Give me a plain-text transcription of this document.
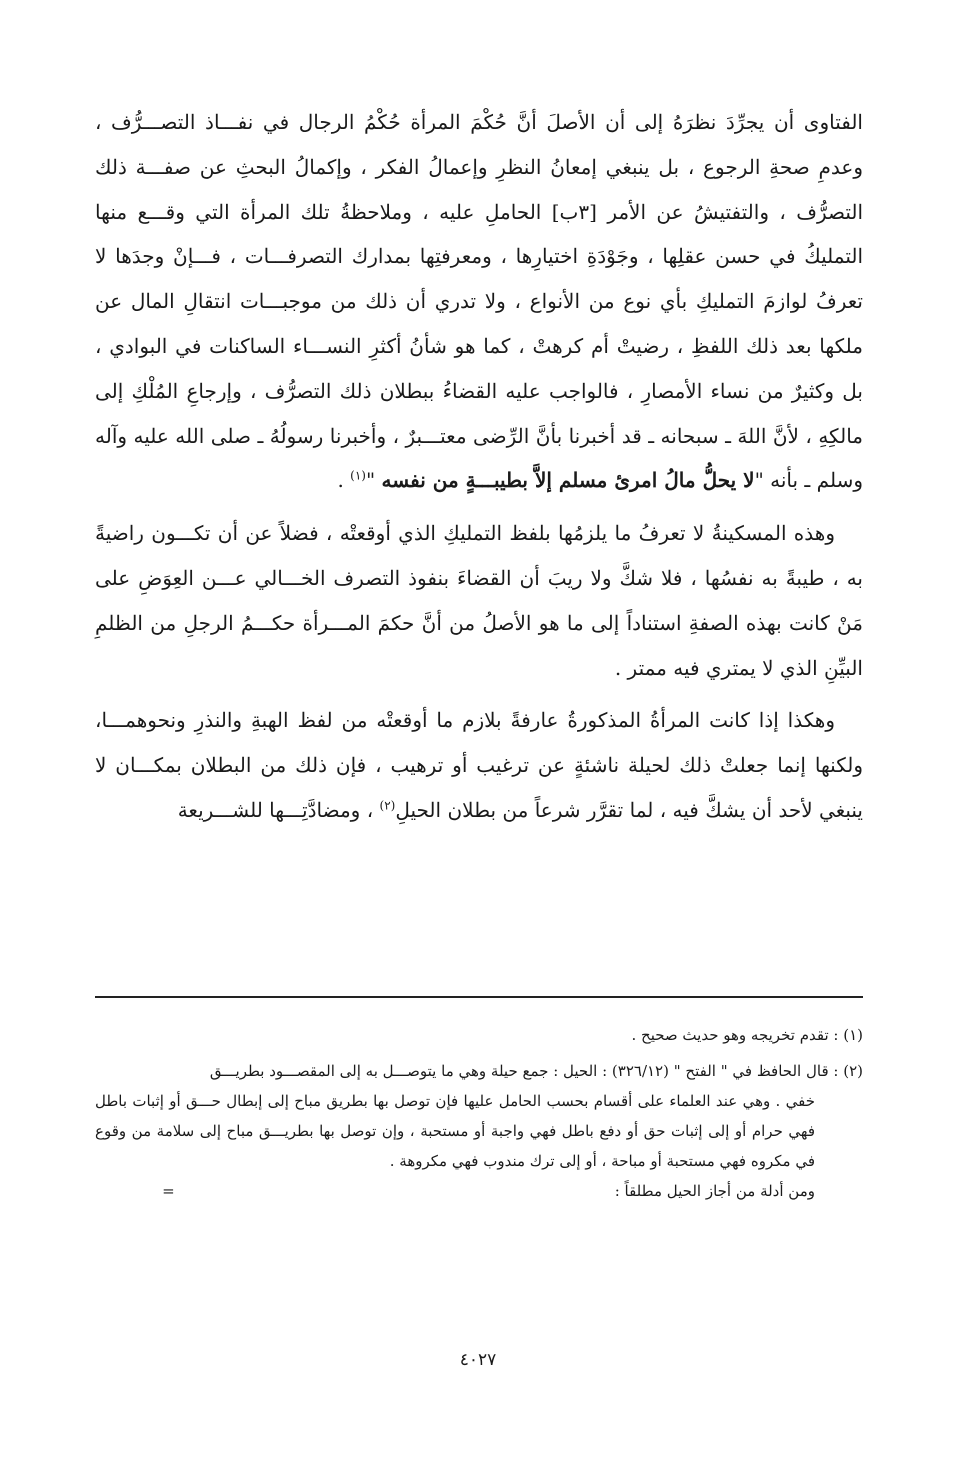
الفتاوى أن يجرِّدَ نظرَهُ إلى أن الأصلَ أنَّ حُكْمَ المرأة حُكْمُ الرجال في نفـــاذ التصـــرُّف ، وعدمِ صحةِ الرجوع ، بل ينبغي إمعانُ النظرِ وإعمالُ الفكر ، وإكمالُ البحثِ عن صفـــة ذلك التصرُّف ، والتفتيشُ عن الأمر [٣ب] الحاملِ عليه ، وملاحظةُ تلك المرأة التي وقـــع منها التمليكُ في حسن عقلِها ، وجَوْدَةِ اختيارِها ، ومعرفتِها بمدارك التصرفـــات ، فـــإنْ وجدَها لا تعرفُ لوازمَ التمليكِ بأي نوع من الأنواع ، ولا تدري أن ذلك من موجبـــات انتقالِ المال عن ملكها بعد ذلك اللفظِ ، رضيتْ أم كرهتْ ، كما هو شأنُ أكثرِ النســـاء الساكنات في البوادي ، بل وكثيرٌ من نساء الأمصارِ ، فالواجب عليه القضاءُ ببطلان ذلك التصرُّف ، وإرجاعِ المُلْكِ إلى مالكِهِ ، لأنَّ اللهَ ـ سبحانه ـ قد أخبرنا بأنَّ الرِّضى معتـــبرٌ ، وأخبرنا رسولُهُ ـ صلى الله عليه وآله وسلم ـ بأنه "لا يحلُّ مالُ امرئ مسلم إلاَّ بطيبـــةٍ من نفسه "$^{(١)}$ .

وهذه المسكينةُ لا تعرفُ ما يلزمُها بلفظ التمليكِ الذي أوقعتْه ، فضلاً عن أن تكـــون راضيةً به ، طيبةً به نفسُها ، فلا شكَّ ولا ريبَ أن القضاءَ بنفوذ التصرف الخـــالي عـــن العِوَضِ على مَنْ كانت بهذه الصفةِ استناداً إلى ما هو الأصلُ من أنَّ حكمَ المـــرأة حكـــمُ الرجلِ من الظلمِ البيِّنِ الذي لا يمتري فيه ممتر .

وهكذا إذا كانت المرأةُ المذكورةُ عارفةً بلازم ما أوقعتْه من لفظ الهبةِ والنذرِ ونحوهمـــا، ولكنها إنما جعلتْ ذلك لحيلة ناشئةٍ عن ترغيب أو ترهيب ، فإن ذلك من البطلان بمكـــان لا ينبغي لأحد أن يشكَّ فيه ، لما تقرَّر شرعاً من بطلان الحيلِ$^{(٢)}$ ، ومضادَّتِـــها للشـــريعة

(١) : تقدم تخريجه وهو حديث صحيح .

(٢) : قال الحافظ في " الفتح " (٣٢٦/١٢) : الحيل : جمع حيلة وهي ما يتوصـــل به إلى المقصـــود بطريـــق

خفي . وهي عند العلماء على أقسام بحسب الحامل عليها فإن توصل بها بطريق مباح إلى إبطال حـــق أو إثبات باطل فهي حرام أو إلى إثبات حق أو دفع باطل فهي واجبة أو مستحبة ، وإن توصل بها بطريـــق مباح إلى سلامة من وقوع في مكروه فهي مستحبة أو مباحة ، أو إلى ترك مندوب فهي مكروهة .

ومن أدلة من أجاز الحيل مطلقاً :=

٤٠٢٧
